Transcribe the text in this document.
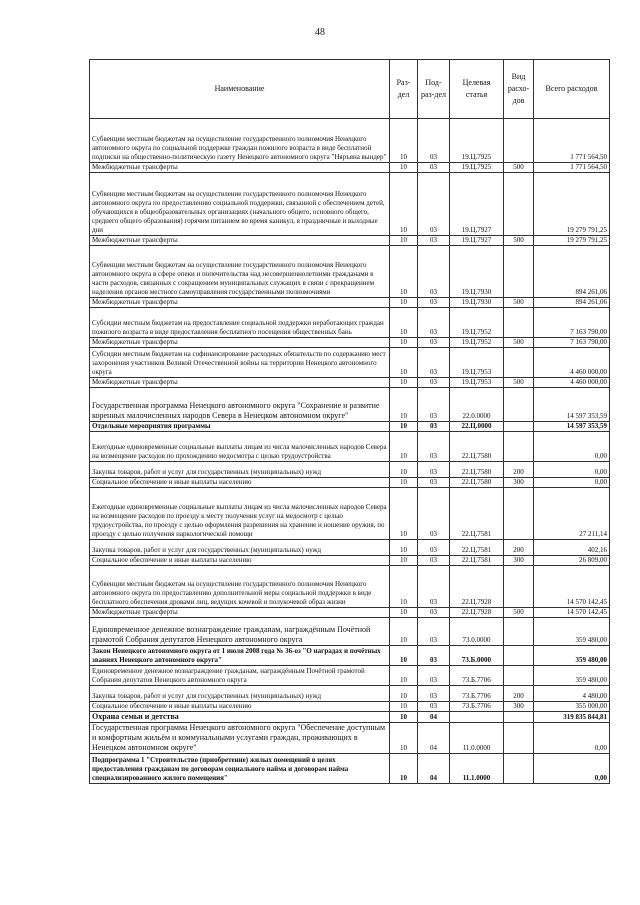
48
Наименование	Раз-дел	Под-раз-дел	Целевая статья	Вид расхо-дов	Всего расходов
Субвенции местным бюджетам на осуществление государственного полномочия Ненецкого автономного округа по социальной поддержке граждан пожилого возраста в виде бесплатной подписки на общественно-политическую газету Ненецкого автономного округа "Няръяна вындер"	10	03	19.Ц.7925		1 771 564,50
Межбюджетные трансферты	10	03	19.Ц.7925	500	1 771 564,50
Субвенции местным бюджетам на осуществление государственного полномочия Ненецкого автономного округа по предоставлению социальной поддержки, связанной с обеспечением детей, обучающихся в общеобразовательных организациях (начального общего, основного общего, среднего общего образования) горячим питанием во время каникул, в праздничные и выходные дни	10	03	19.Ц.7927		19 279 791,25
Межбюджетные трансферты	10	03	19.Ц.7927	500	19 279 791,25
Субвенции местным бюджетам на осуществление государственного полномочия Ненецкого автономного округа в сфере опеки и попечительства над несовершеннолетними гражданами в части расходов, связанных с сокращением муниципальных служащих в связи с прекращением наделения органов местного самоуправления государственными полномочиями	10	03	19.Ц.7930		894 261,06
Межбюджетные трансферты	10	03	19.Ц.7930	500	894 261,06
Субсидии местным бюджетам на предоставление социальной поддержки неработающих граждан пожилого возраста в виде предоставления бесплатного посещения общественных бань	10	03	19.Ц.7952		7 163 790,00
Межбюджетные трансферты	10	03	19.Ц.7952	500	7 163 790,00
Субсидии местным бюджетам на софинансирование расходных обязательств по содержанию мест захоронения участников Великой Отечественной войны на территории Ненецкого автономного округа	10	03	19.Ц.7953		4 460 000,00
Межбюджетные трансферты	10	03	19.Ц.7953	500	4 460 000,00
Государственная программа Ненецкого автономного округа "Сохранение и развитие коренных малочисленных народов Севера в Ненецком автономном округе"	10	03	22.0.0000		14 597 353,59
Отдельные мероприятия программы	10	03	22.Ц.0000		14 597 353,59
Ежегодные единовременные социальные выплаты лицам из числа малочисленных народов Севера на возмещение расходов по прохождению медосмотра с целью трудоустройства	10	03	22.Ц.7580		0,00
Закупка товаров, работ и услуг для государственных (муниципальных) нужд	10	03	22.Ц.7580	200	0,00
Социальное обеспечение и иные выплаты населению	10	03	22.Ц.7580	300	0,00
Ежегодные единовременные социальные выплаты лицам из числа малочисленных народов Севера на возмещение расходов по проезду к месту получения услуг на медосмотр с целью трудоустройства, по проезду с целью оформления разрешения на хранение и ношение оружия, по проезду с целью получения наркологической помощи	10	03	22.Ц.7581		27 211,14
Закупка товаров, работ и услуг для государственных (муниципальных) нужд	10	03	22.Ц.7581	200	402,16
Социальное обеспечение и иные выплаты населению	10	03	22.Ц.7581	300	26 809,00
Субвенции местным бюджетам на осуществление государственного полномочия Ненецкого автономного округа по предоставлению дополнительной меры социальной поддержки в виде бесплатного обеспечения дровами лиц, ведущих кочевой и полукочевой образ жизни	10	03	22.Ц.7928		14 570 142,45
Межбюджетные трансферты	10	03	22.Ц.7928	500	14 570 142,45
Единовременное денежное вознаграждение гражданам, награждённым Почётной грамотой Собрания депутатов Ненецкого автономного округа	10	03	73.0.0000		359 480,00
Закон Ненецкого автономного округа от 1 июля 2008 года № 36-оз "О наградах и почётных званиях Ненецкого автономного округа"	10	03	73.Б.0000		359 480,00
Единовременное денежное вознаграждение гражданам, награждённым Почётной грамотой Собрания депутатов Ненецкого автономного округа	10	03	73.Б.7706		359 480,00
Закупка товаров, работ и услуг для государственных (муниципальных) нужд	10	03	73.Б.7706	200	4 480,00
Социальное обеспечение и иные выплаты населению	10	03	73.Б.7706	300	355 000,00
Охрана семьи и детства	10	04			319 835 844,81
Государственная программа Ненецкого автономного округа "Обеспечение доступным и комфортным жильём и коммунальными услугами граждан, проживающих в Ненецком автономном округе"	10	04	11.0.0000		0,00
Подпрограмма 1 "Строительство (приобретение) жилых помещений в целях предоставления гражданам по договорам социального найма и договорам найма специализированного жилого помещения"	10	04	11.1.0000		0,00
